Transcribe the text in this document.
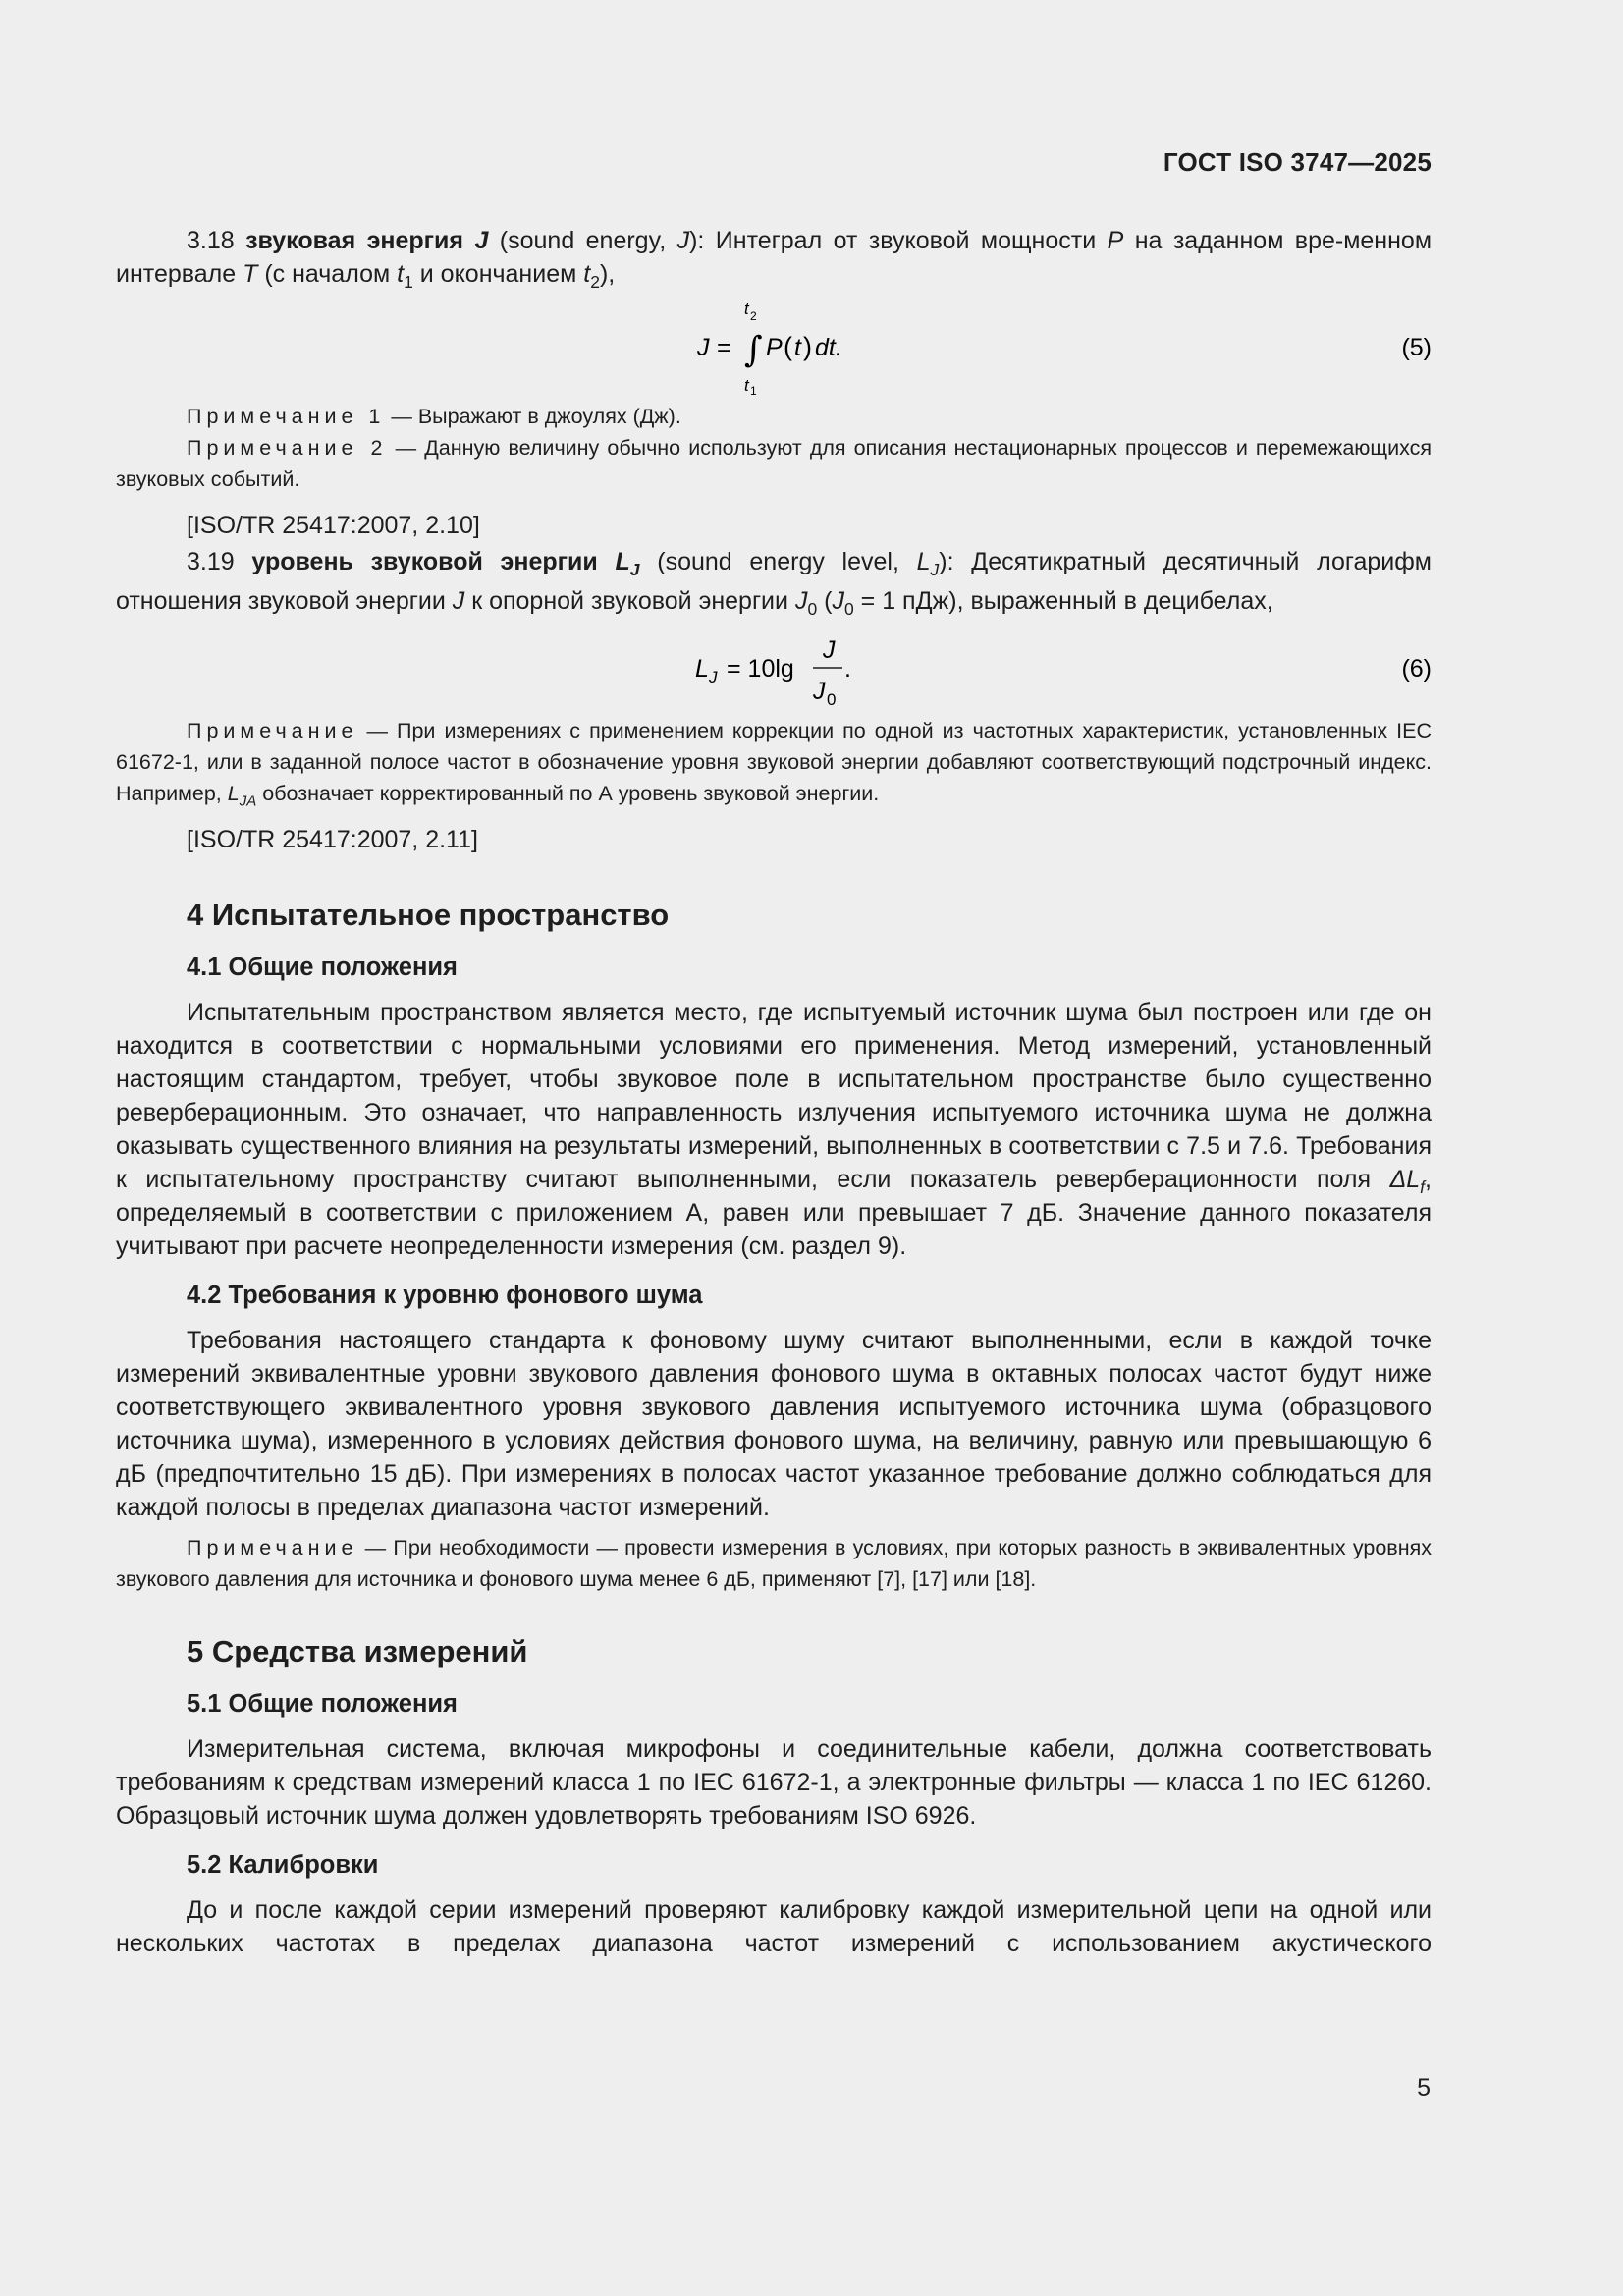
ГОСТ ISO 3747—2025

3.18 звуковая энергия J (sound energy, J): Интеграл от звуковой мощности P на заданном вре-менном интервале T (с началом $t_1$ и окончанием $t_2$),

J = ∫
t 2
t 1
P ( t ) dt.	(5)

Примечание 1 — Выражают в джоулях (Дж).

Примечание 2 — Данную величину обычно используют для описания нестационарных процессов и перемежающихся звуковых событий.

[ISO/TR 25417:2007, 2.10]

3.19 уровень звуковой энергии $L_J$ (sound energy level, $L_J$): Десятикратный десятичный логарифм отношения звуковой энергии J к опорной звуковой энергии $J_0$ ($J_0 = 1$ пДж), выраженный в децибелах,

L J = 10lg
J
J 0
.	(6)

Примечание — При измерениях с применением коррекции по одной из частотных характеристик, установленных IEC 61672-1, или в заданной полосе частот в обозначение уровня звуковой энергии добавляют соответствующий подстрочный индекс. Например, $L_{JA}$ обозначает корректированный по А уровень звуковой энергии.

[ISO/TR 25417:2007, 2.11]

4 Испытательное пространство
4.1 Общие положения

Испытательным пространством является место, где испытуемый источник шума был построен или где он находится в соответствии с нормальными условиями его применения. Метод измерений, установленный настоящим стандартом, требует, чтобы звуковое поле в испытательном пространстве было существенно реверберационным. Это означает, что направленность излучения испытуемого источника шума не должна оказывать существенного влияния на результаты измерений, выполненных в соответствии с 7.5 и 7.6. Требования к испытательному пространству считают выполненными, если показатель реверберационности поля $\Delta L_f$, определяемый в соответствии с приложением А, равен или превышает 7 дБ. Значение данного показателя учитывают при расчете неопределенности измерения (см. раздел 9).

4.2 Требования к уровню фонового шума

Требования настоящего стандарта к фоновому шуму считают выполненными, если в каждой точке измерений эквивалентные уровни звукового давления фонового шума в октавных полосах частот будут ниже соответствующего эквивалентного уровня звукового давления испытуемого источника шума (образцового источника шума), измеренного в условиях действия фонового шума, на величину, равную или превышающую 6 дБ (предпочтительно 15 дБ). При измерениях в полосах частот указанное требование должно соблюдаться для каждой полосы в пределах диапазона частот измерений.

Примечание — При необходимости — провести измерения в условиях, при которых разность в эквивалентных уровнях звукового давления для источника и фонового шума менее 6 дБ, применяют [7], [17] или [18].

5 Средства измерений
5.1 Общие положения

Измерительная система, включая микрофоны и соединительные кабели, должна соответствовать требованиям к средствам измерений класса 1 по IEC 61672-1, а электронные фильтры — класса 1 по IEC 61260. Образцовый источник шума должен удовлетворять требованиям ISO 6926.

5.2 Калибровки

До и после каждой серии измерений проверяют калибровку каждой измерительной цепи на одной или нескольких частотах в пределах диапазона частот измерений с использованием акустического

5
